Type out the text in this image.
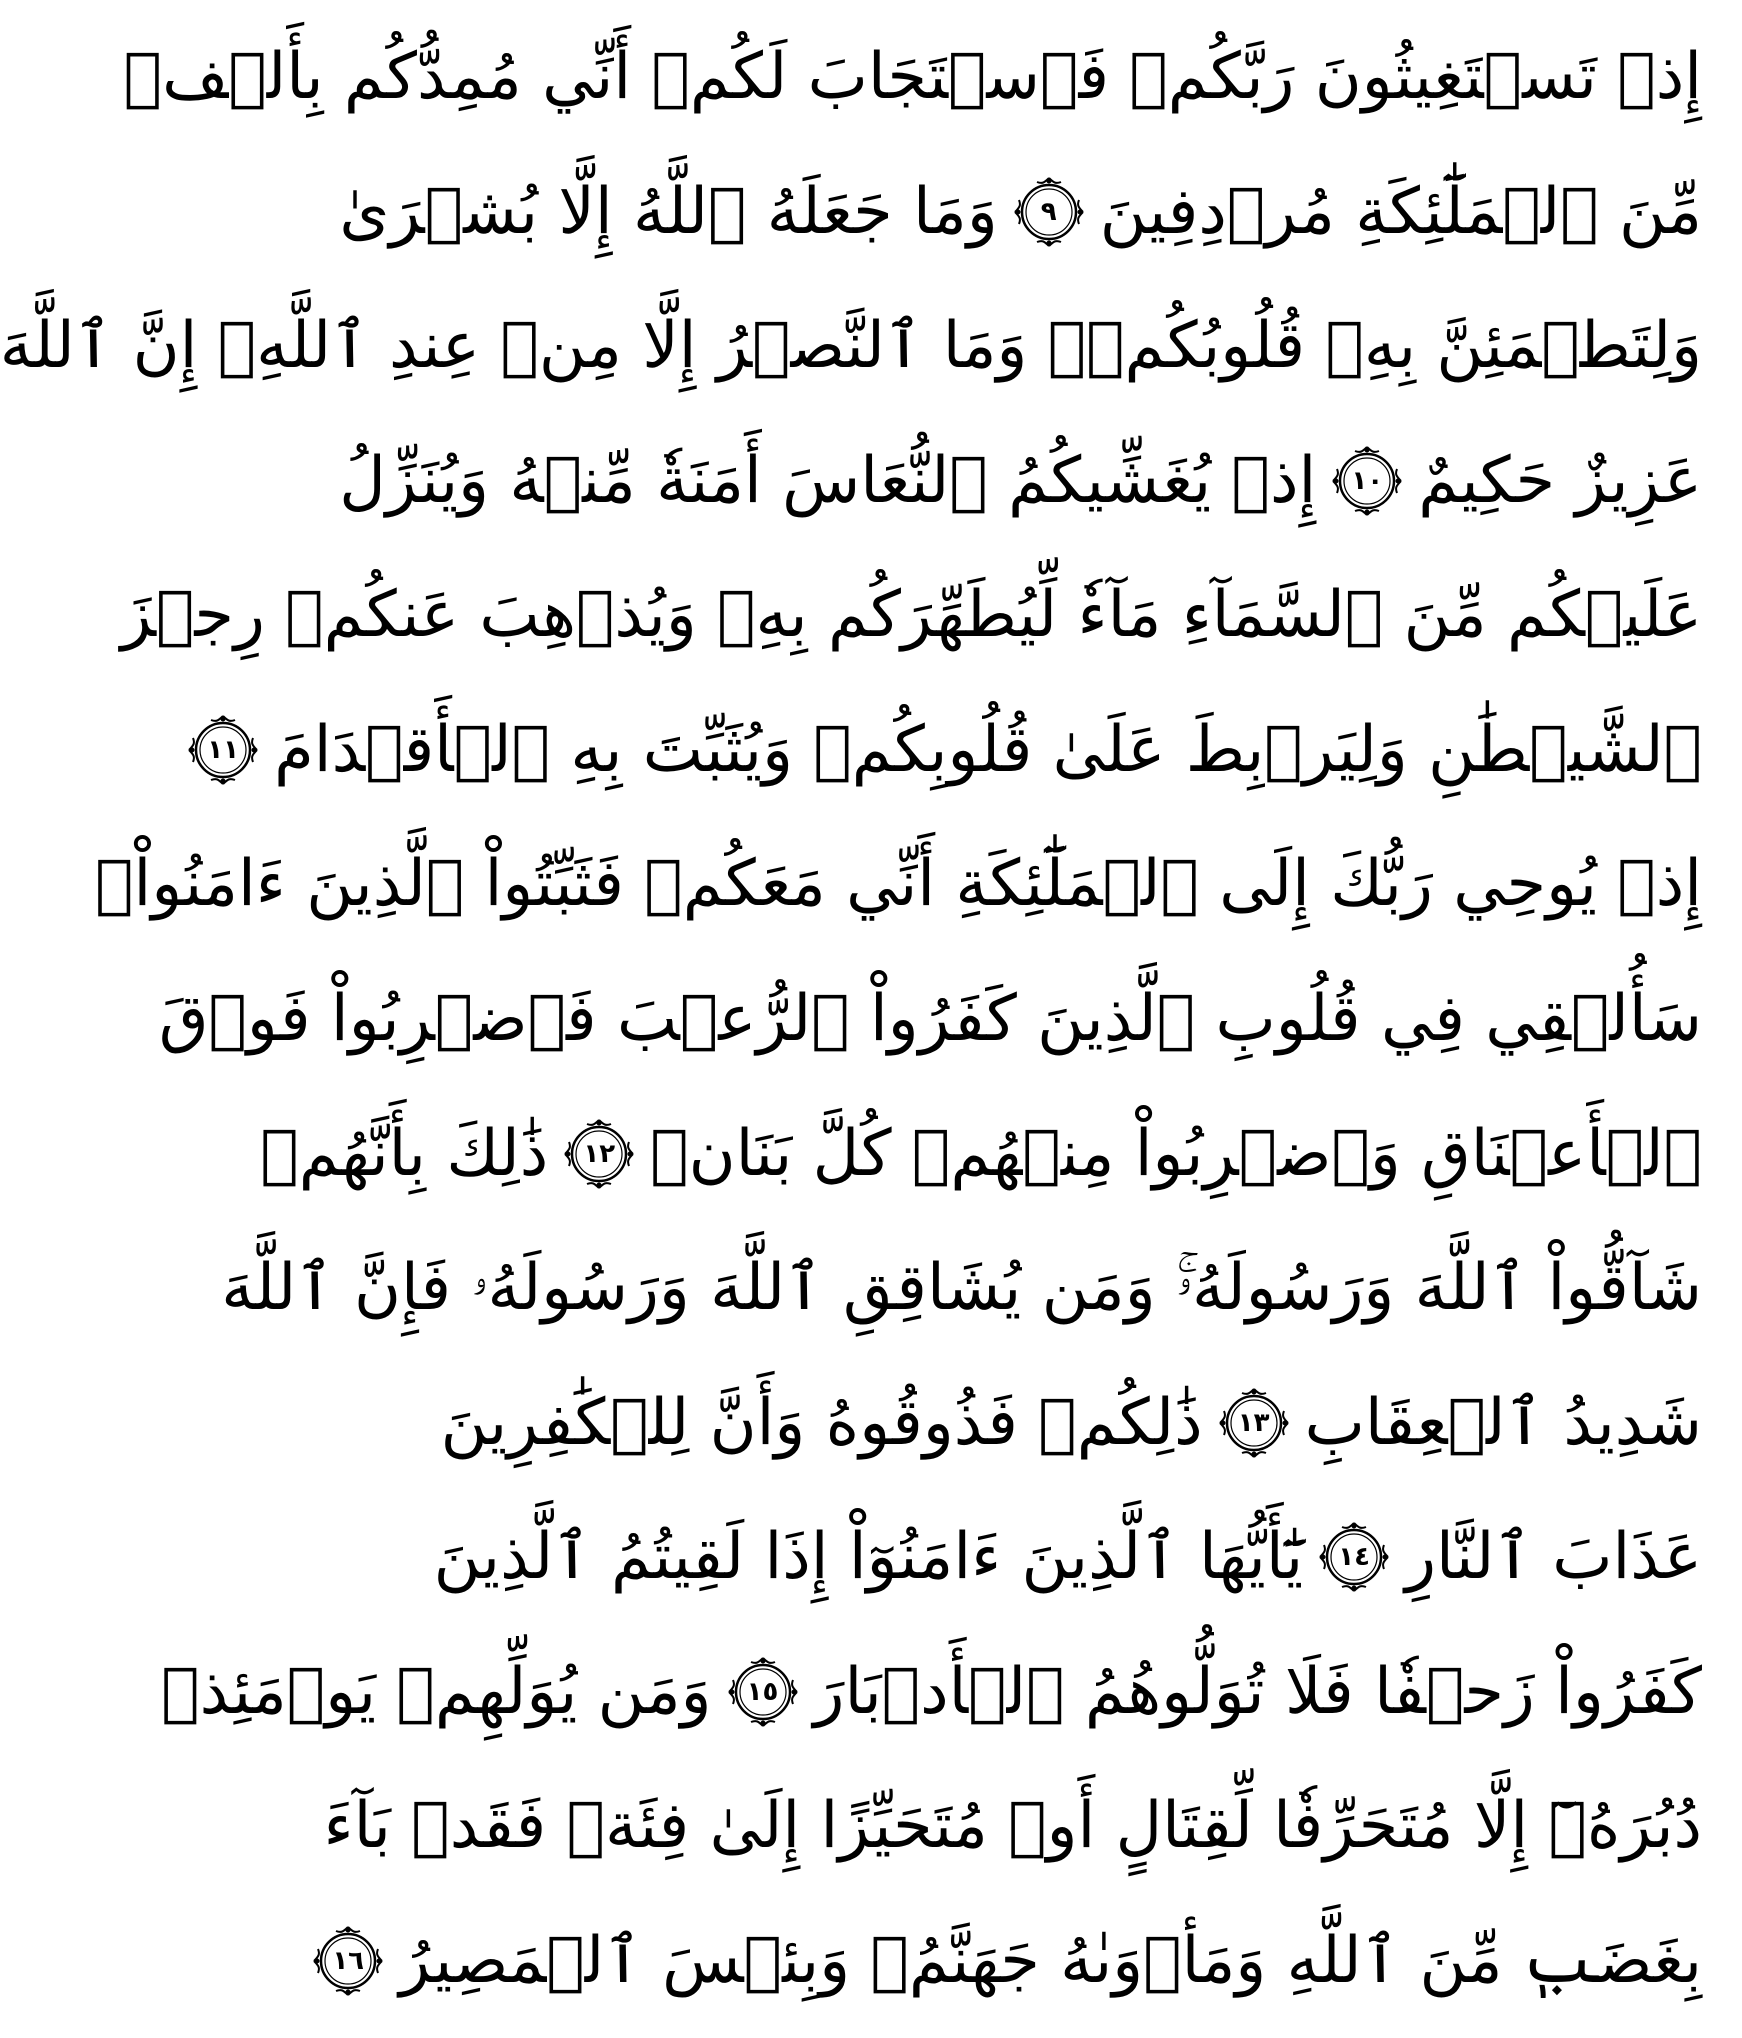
إِذۡ تَسۡتَغِيثُونَ رَبَّكُمۡ فَٱسۡتَجَابَ لَكُمۡ أَنِّي مُمِدُّكُم بِأَلۡفٖ
مِّنَ ٱلۡمَلَٰٓئِكَةِ مُرۡدِفِينَ
٩
وَمَا جَعَلَهُ ٱللَّهُ إِلَّا بُشۡرَىٰ
وَلِتَطۡمَئِنَّ بِهِۦ قُلُوبُكُمۡۚ وَمَا ٱلنَّصۡرُ إِلَّا مِنۡ عِندِ ٱللَّهِۚ إِنَّ ٱللَّهَ
عَزِيزٌ حَكِيمٌ
١٠
إِذۡ يُغَشِّيكُمُ ٱلنُّعَاسَ أَمَنَةٗ مِّنۡهُ وَيُنَزِّلُ
عَلَيۡكُم مِّنَ ٱلسَّمَآءِ مَآءٗ لِّيُطَهِّرَكُم بِهِۦ وَيُذۡهِبَ عَنكُمۡ رِجۡزَ
ٱلشَّيۡطَٰنِ وَلِيَرۡبِطَ عَلَىٰ قُلُوبِكُمۡ وَيُثَبِّتَ بِهِ ٱلۡأَقۡدَامَ
١١
إِذۡ يُوحِي رَبُّكَ إِلَى ٱلۡمَلَٰٓئِكَةِ أَنِّي مَعَكُمۡ فَثَبِّتُواْ ٱلَّذِينَ ءَامَنُواْۚ
سَأُلۡقِي فِي قُلُوبِ ٱلَّذِينَ كَفَرُواْ ٱلرُّعۡبَ فَٱضۡرِبُواْ فَوۡقَ
ٱلۡأَعۡنَاقِ وَٱضۡرِبُواْ مِنۡهُمۡ كُلَّ بَنَانٖ
١٢
ذَٰلِكَ بِأَنَّهُمۡ
شَآقُّواْ ٱللَّهَ وَرَسُولَهُۥۚ وَمَن يُشَاقِقِ ٱللَّهَ وَرَسُولَهُۥ فَإِنَّ ٱللَّهَ
شَدِيدُ ٱلۡعِقَابِ
١٣
ذَٰلِكُمۡ فَذُوقُوهُ وَأَنَّ لِلۡكَٰفِرِينَ
عَذَابَ ٱلنَّارِ
١٤
يَٰٓأَيُّهَا ٱلَّذِينَ ءَامَنُوٓاْ إِذَا لَقِيتُمُ ٱلَّذِينَ
كَفَرُواْ زَحۡفٗا فَلَا تُوَلُّوهُمُ ٱلۡأَدۡبَارَ
١٥
وَمَن يُوَلِّهِمۡ يَوۡمَئِذٖ
دُبُرَهُۥٓ إِلَّا مُتَحَرِّفٗا لِّقِتَالٍ أَوۡ مُتَحَيِّزًا إِلَىٰ فِئَةٖ فَقَدۡ بَآءَ
بِغَضَبٖ مِّنَ ٱللَّهِ وَمَأۡوَىٰهُ جَهَنَّمُۖ وَبِئۡسَ ٱلۡمَصِيرُ
١٦
